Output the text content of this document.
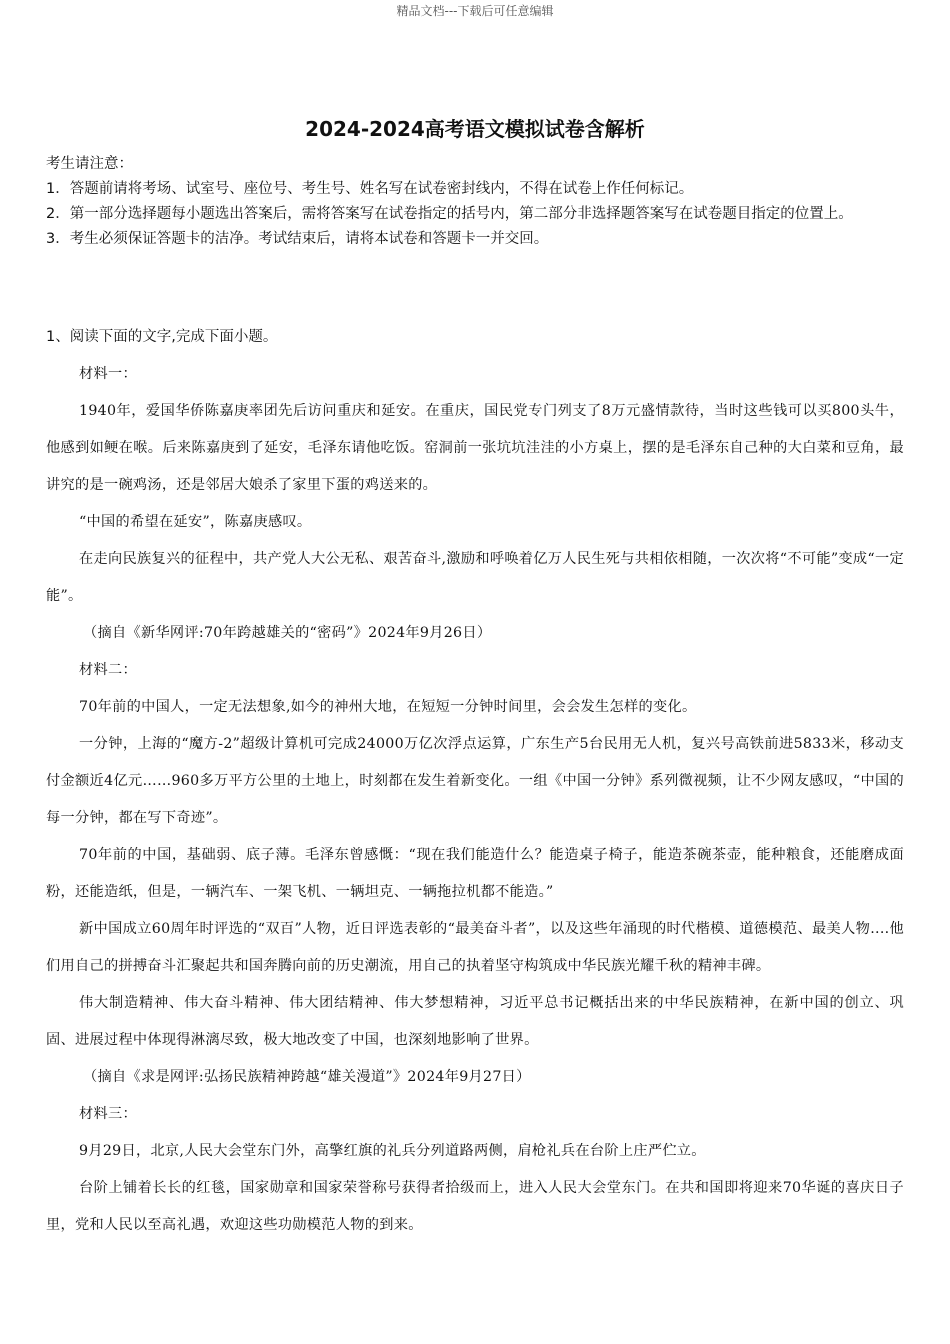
精品文档---下载后可任意编辑
2024-2024高考语文模拟试卷含解析

考生请注意：

1．答题前请将考场、试室号、座位号、考生号、姓名写在试卷密封线内，不得在试卷上作任何标记。

2．第一部分选择题每小题选出答案后，需将答案写在试卷指定的括号内，第二部分非选择题答案写在试卷题目指定的位置上。

3．考生必须保证答题卡的洁净。考试结束后，请将本试卷和答题卡一并交回。

1、阅读下面的文字,完成下面小题。

材料一：

1940年，爱国华侨陈嘉庚率团先后访问重庆和延安。在重庆，国民党专门列支了8万元盛情款待，当时这些钱可以买800头牛，他感到如鲠在喉。后来陈嘉庚到了延安，毛泽东请他吃饭。窑洞前一张坑坑洼洼的小方桌上，摆的是毛泽东自己种的大白菜和豆角，最讲究的是一碗鸡汤，还是邻居大娘杀了家里下蛋的鸡送来的。

“中国的希望在延安”，陈嘉庚感叹。

在走向民族复兴的征程中，共产党人大公无私、艰苦奋斗,激励和呼唤着亿万人民生死与共相依相随，一次次将“不可能”变成“一定能”。

（摘自《新华网评:70年跨越雄关的“密码”》2024年9月26日）

材料二：

70年前的中国人，一定无法想象,如今的神州大地，在短短一分钟时间里，会会发生怎样的变化。

一分钟，上海的“魔方-2”超级计算机可完成24000万亿次浮点运算，广东生产5台民用无人机，复兴号高铁前进5833米，移动支付金额近4亿元……960多万平方公里的土地上，时刻都在发生着新变化。一组《中国一分钟》系列微视频，让不少网友感叹，“中国的每一分钟，都在写下奇迹”。

70年前的中国，基础弱、底子薄。毛泽东曾感慨：“现在我们能造什么？能造桌子椅子，能造茶碗茶壶，能种粮食，还能磨成面粉，还能造纸，但是，一辆汽车、一架飞机、一辆坦克、一辆拖拉机都不能造。”

新中国成立60周年时评选的“双百”人物，近日评选表彰的“最美奋斗者”，以及这些年涌现的时代楷模、道德模范、最美人物....他们用自己的拼搏奋斗汇聚起共和国奔腾向前的历史潮流，用自己的执着坚守构筑成中华民族光耀千秋的精神丰碑。

伟大制造精神、伟大奋斗精神、伟大团结精神、伟大梦想精神，习近平总书记概括出来的中华民族精神，在新中国的创立、巩固、进展过程中体现得淋漓尽致，极大地改变了中国，也深刻地影响了世界。

（摘自《求是网评:弘扬民族精神跨越“雄关漫道”》2024年9月27日）

材料三：

9月29日，北京,人民大会堂东门外，高擎红旗的礼兵分列道路两侧，肩枪礼兵在台阶上庄严伫立。

台阶上铺着长长的红毯，国家勋章和国家荣誉称号获得者拾级而上，进入人民大会堂东门。在共和国即将迎来70华诞的喜庆日子里，党和人民以至高礼遇，欢迎这些功勋模范人物的到来。
